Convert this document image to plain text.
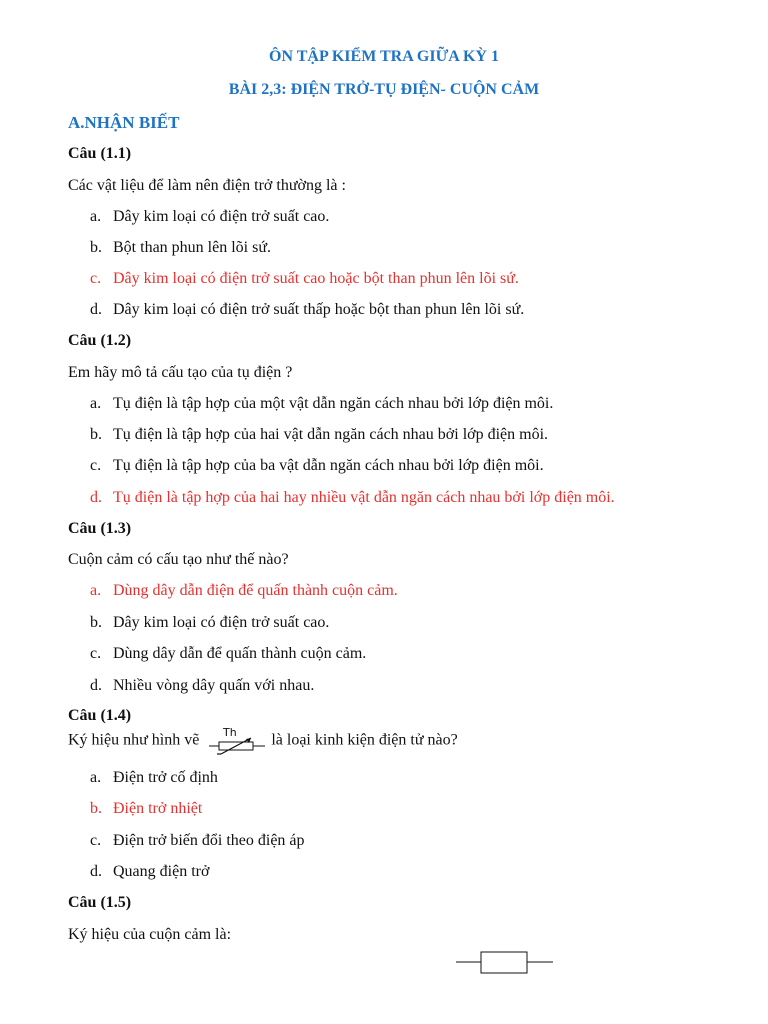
ÔN TẬP KIỂM TRA GIỮA KỲ 1
BÀI 2,3: ĐIỆN TRỞ-TỤ ĐIỆN- CUỘN CẢM
A.NHẬN BIẾT
Câu (1.1)
Các vật liệu để làm nên điện trở thường là :
a. Dây kim loại có điện trở suất cao.
b. Bột than phun lên lõi sứ.
c. Dây kim loại có điện trở suất cao hoặc bột than phun lên lõi sứ.
d. Dây kim loại có điện trở suất thấp hoặc bột than phun lên lõi sứ.
Câu (1.2)
Em hãy mô tả cấu tạo của tụ điện ?
a. Tụ điện là tập hợp của một vật dẫn ngăn cách nhau bởi lớp điện môi.
b. Tụ điện là tập hợp của hai vật dẫn ngăn cách nhau bởi lớp điện môi.
c. Tụ điện là tập hợp của ba vật dẫn ngăn cách nhau bởi lớp điện môi.
d. Tụ điện là tập hợp của hai hay nhiều vật dẫn ngăn cách nhau bởi lớp điện môi.
Câu (1.3)
Cuộn cảm có cấu tạo như thế nào?
a. Dùng dây dẫn điện để quấn thành cuộn cảm.
b. Dây kim loại có điện trở suất cao.
c. Dùng dây dẫn để quấn thành cuộn cảm.
d. Nhiều vòng dây quấn với nhau.
Câu (1.4)
Ký hiệu như hình vẽ Th là loại kinh kiện điện tử nào?
a. Điện trở cố định
b. Điện trở nhiệt
c. Điện trở biến đổi theo điện áp
d. Quang điện trở
Câu (1.5)
Ký hiệu của cuộn cảm là:
